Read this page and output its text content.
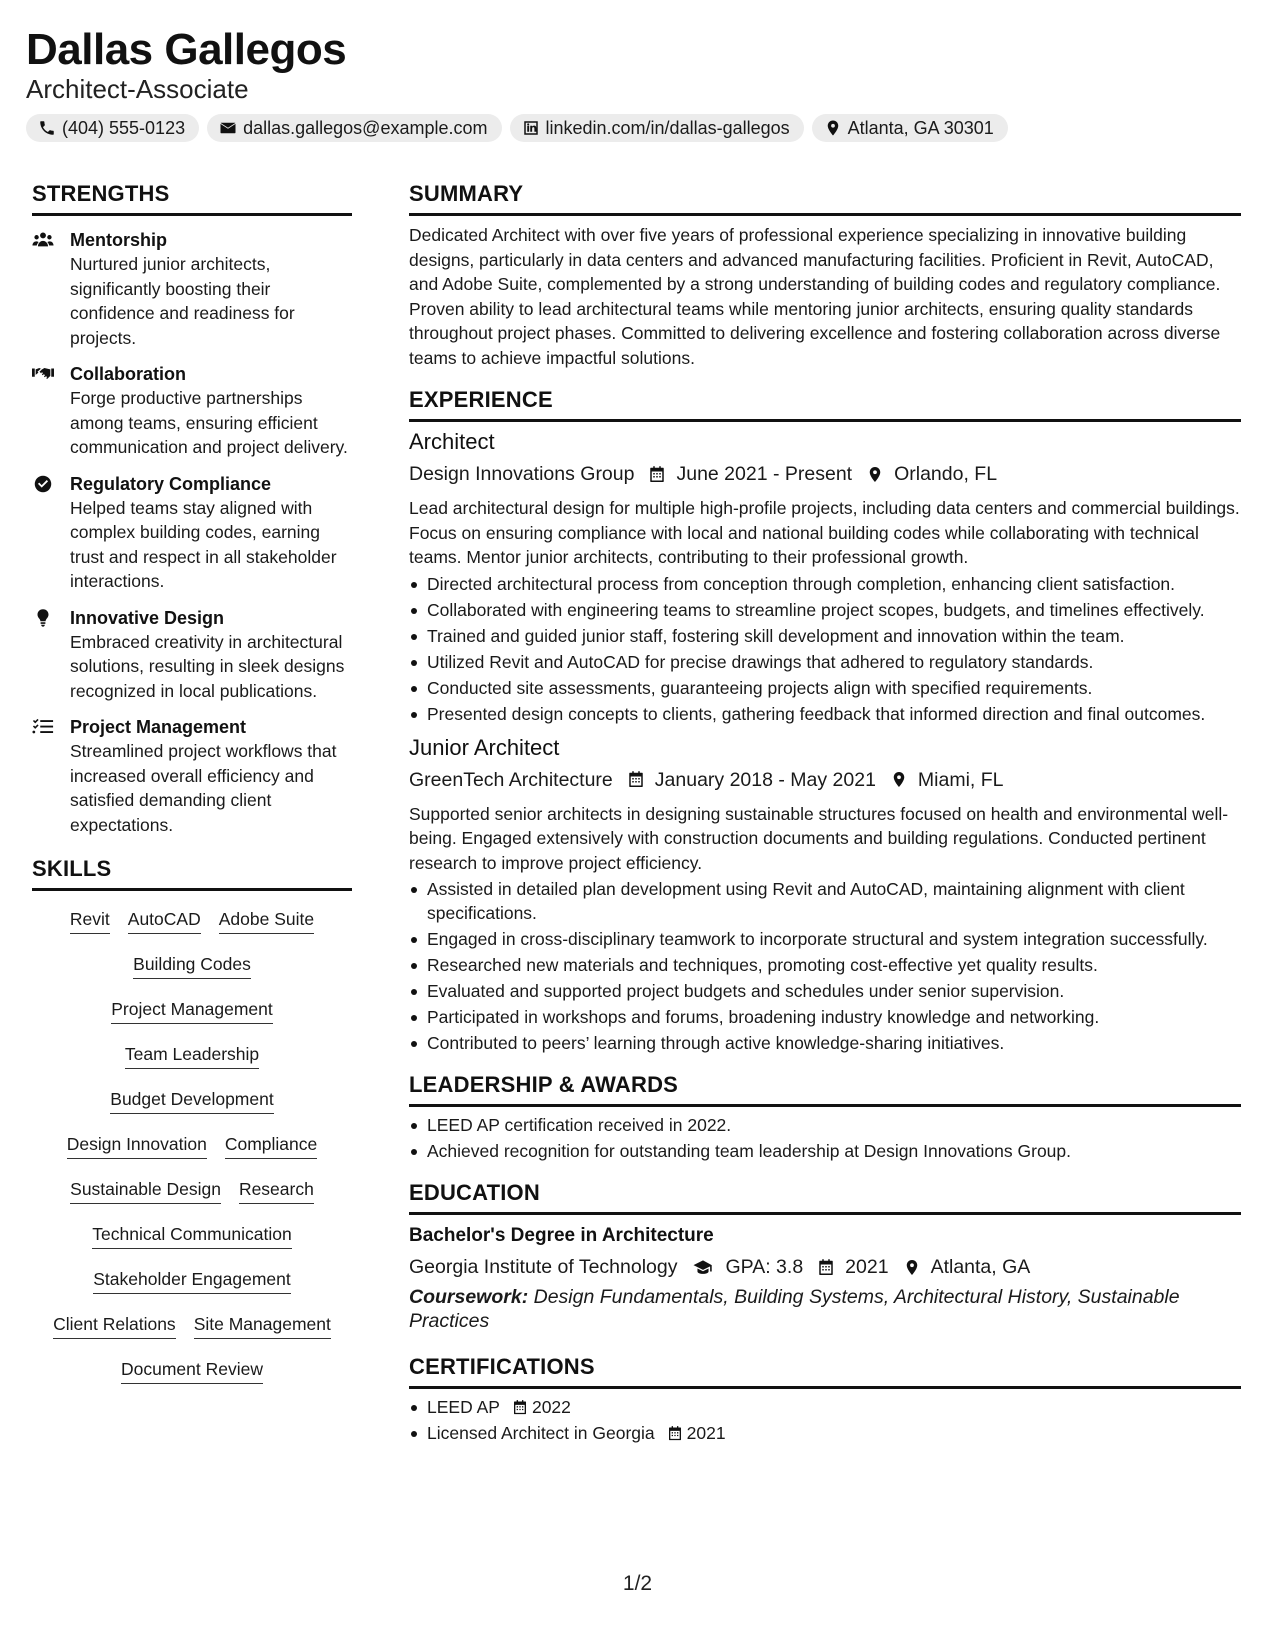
Dallas Gallegos
Architect-Associate
(404) 555-0123	dallas.gallegos@example.com	linkedin.com/in/dallas-gallegos	Atlanta, GA 30301
STRENGTHS
Mentorship
Nurtured junior architects, significantly boosting their confidence and readiness for projects.
Collaboration
Forge productive partnerships among teams, ensuring efficient communication and project delivery.
Regulatory Compliance
Helped teams stay aligned with complex building codes, earning trust and respect in all stakeholder interactions.
Innovative Design
Embraced creativity in architectural solutions, resulting in sleek designs recognized in local publications.
Project Management
Streamlined project workflows that increased overall efficiency and satisfied demanding client expectations.
SKILLS
Revit AutoCAD Adobe Suite
Building Codes
Project Management
Team Leadership
Budget Development
Design Innovation Compliance
Sustainable Design Research
Technical Communication
Stakeholder Engagement
Client Relations Site Management
Document Review
SUMMARY

Dedicated Architect with over five years of professional experience specializing in innovative building designs, particularly in data centers and advanced manufacturing facilities. Proficient in Revit, AutoCAD, and Adobe Suite, complemented by a strong understanding of building codes and regulatory compliance. Proven ability to lead architectural teams while mentoring junior architects, ensuring quality standards throughout project phases. Committed to delivering excellence and fostering collaboration across diverse teams to achieve impactful solutions.

EXPERIENCE
Architect
Design Innovations Group June 2021 - Present Orlando, FL

Lead architectural design for multiple high-profile projects, including data centers and commercial buildings. Focus on ensuring compliance with local and national building codes while collaborating with technical teams. Mentor junior architects, contributing to their professional growth.

Directed architectural process from conception through completion, enhancing client satisfaction.
Collaborated with engineering teams to streamline project scopes, budgets, and timelines effectively.
Trained and guided junior staff, fostering skill development and innovation within the team.
Utilized Revit and AutoCAD for precise drawings that adhered to regulatory standards.
Conducted site assessments, guaranteeing projects align with specified requirements.
Presented design concepts to clients, gathering feedback that informed direction and final outcomes.
Junior Architect
GreenTech Architecture January 2018 - May 2021 Miami, FL

Supported senior architects in designing sustainable structures focused on health and environmental well-being. Engaged extensively with construction documents and building regulations. Conducted pertinent research to improve project efficiency.

Assisted in detailed plan development using Revit and AutoCAD, maintaining alignment with client specifications.
Engaged in cross-disciplinary teamwork to incorporate structural and system integration successfully.
Researched new materials and techniques, promoting cost-effective yet quality results.
Evaluated and supported project budgets and schedules under senior supervision.
Participated in workshops and forums, broadening industry knowledge and networking.
Contributed to peers’ learning through active knowledge-sharing initiatives.
LEADERSHIP & AWARDS
LEED AP certification received in 2022.
Achieved recognition for outstanding team leadership at Design Innovations Group.
EDUCATION
Bachelor's Degree in Architecture
Georgia Institute of Technology GPA: 3.8 2021 Atlanta, GA
Coursework: Design Fundamentals, Building Systems, Architectural History, Sustainable Practices
CERTIFICATIONS
LEED AP 2022
Licensed Architect in Georgia 2021
1/2
